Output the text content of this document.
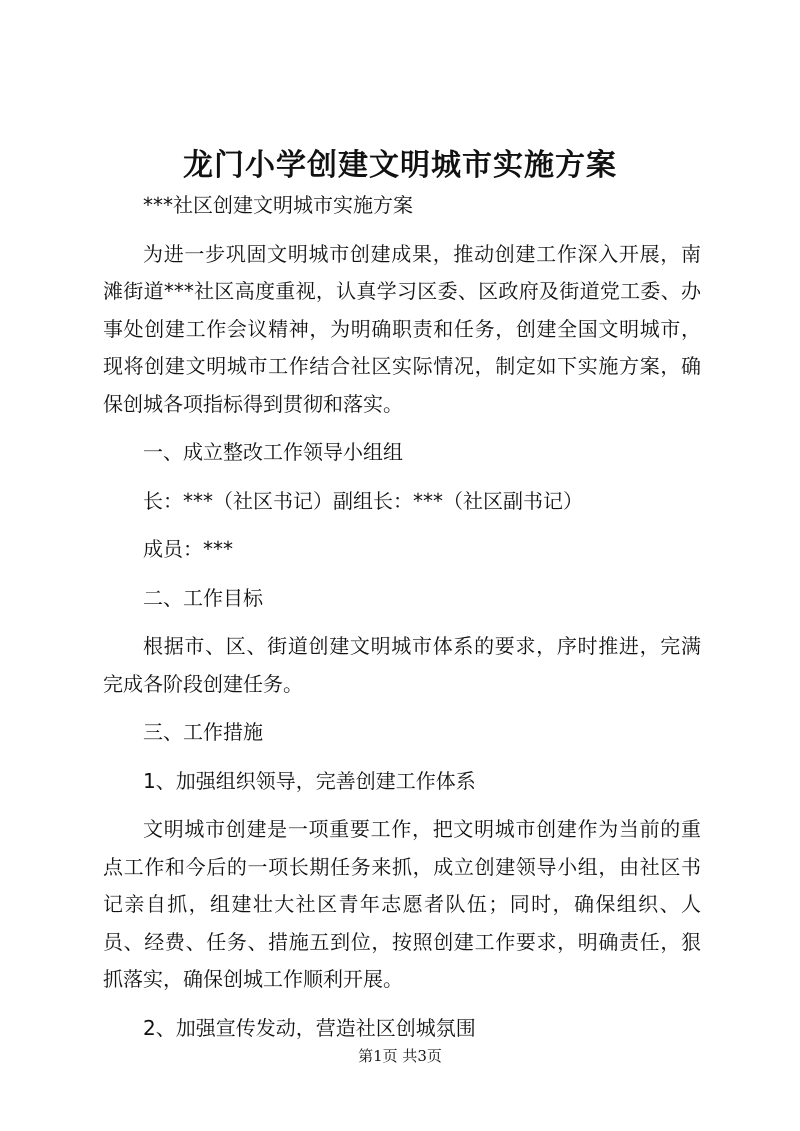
龙门小学创建文明城市实施方案

***社区创建文明城市实施方案

为进一步巩固文明城市创建成果，推动创建工作深入开展，南滩街道***社区高度重视，认真学习区委、区政府及街道党工委、办事处创建工作会议精神，为明确职责和任务，创建全国文明城市，现将创建文明城市工作结合社区实际情况，制定如下实施方案，确保创城各项指标得到贯彻和落实。

一、成立整改工作领导小组组

长：***（社区书记）副组长：***（社区副书记）

成员：***

二、工作目标

根据市、区、街道创建文明城市体系的要求，序时推进，完满完成各阶段创建任务。

三、工作措施

1、加强组织领导，完善创建工作体系

文明城市创建是一项重要工作，把文明城市创建作为当前的重点工作和今后的一项长期任务来抓，成立创建领导小组，由社区书记亲自抓，组建壮大社区青年志愿者队伍；同时，确保组织、人员、经费、任务、措施五到位，按照创建工作要求，明确责任，狠抓落实，确保创城工作顺利开展。

2、加强宣传发动，营造社区创城氛围

第1页 共3页
